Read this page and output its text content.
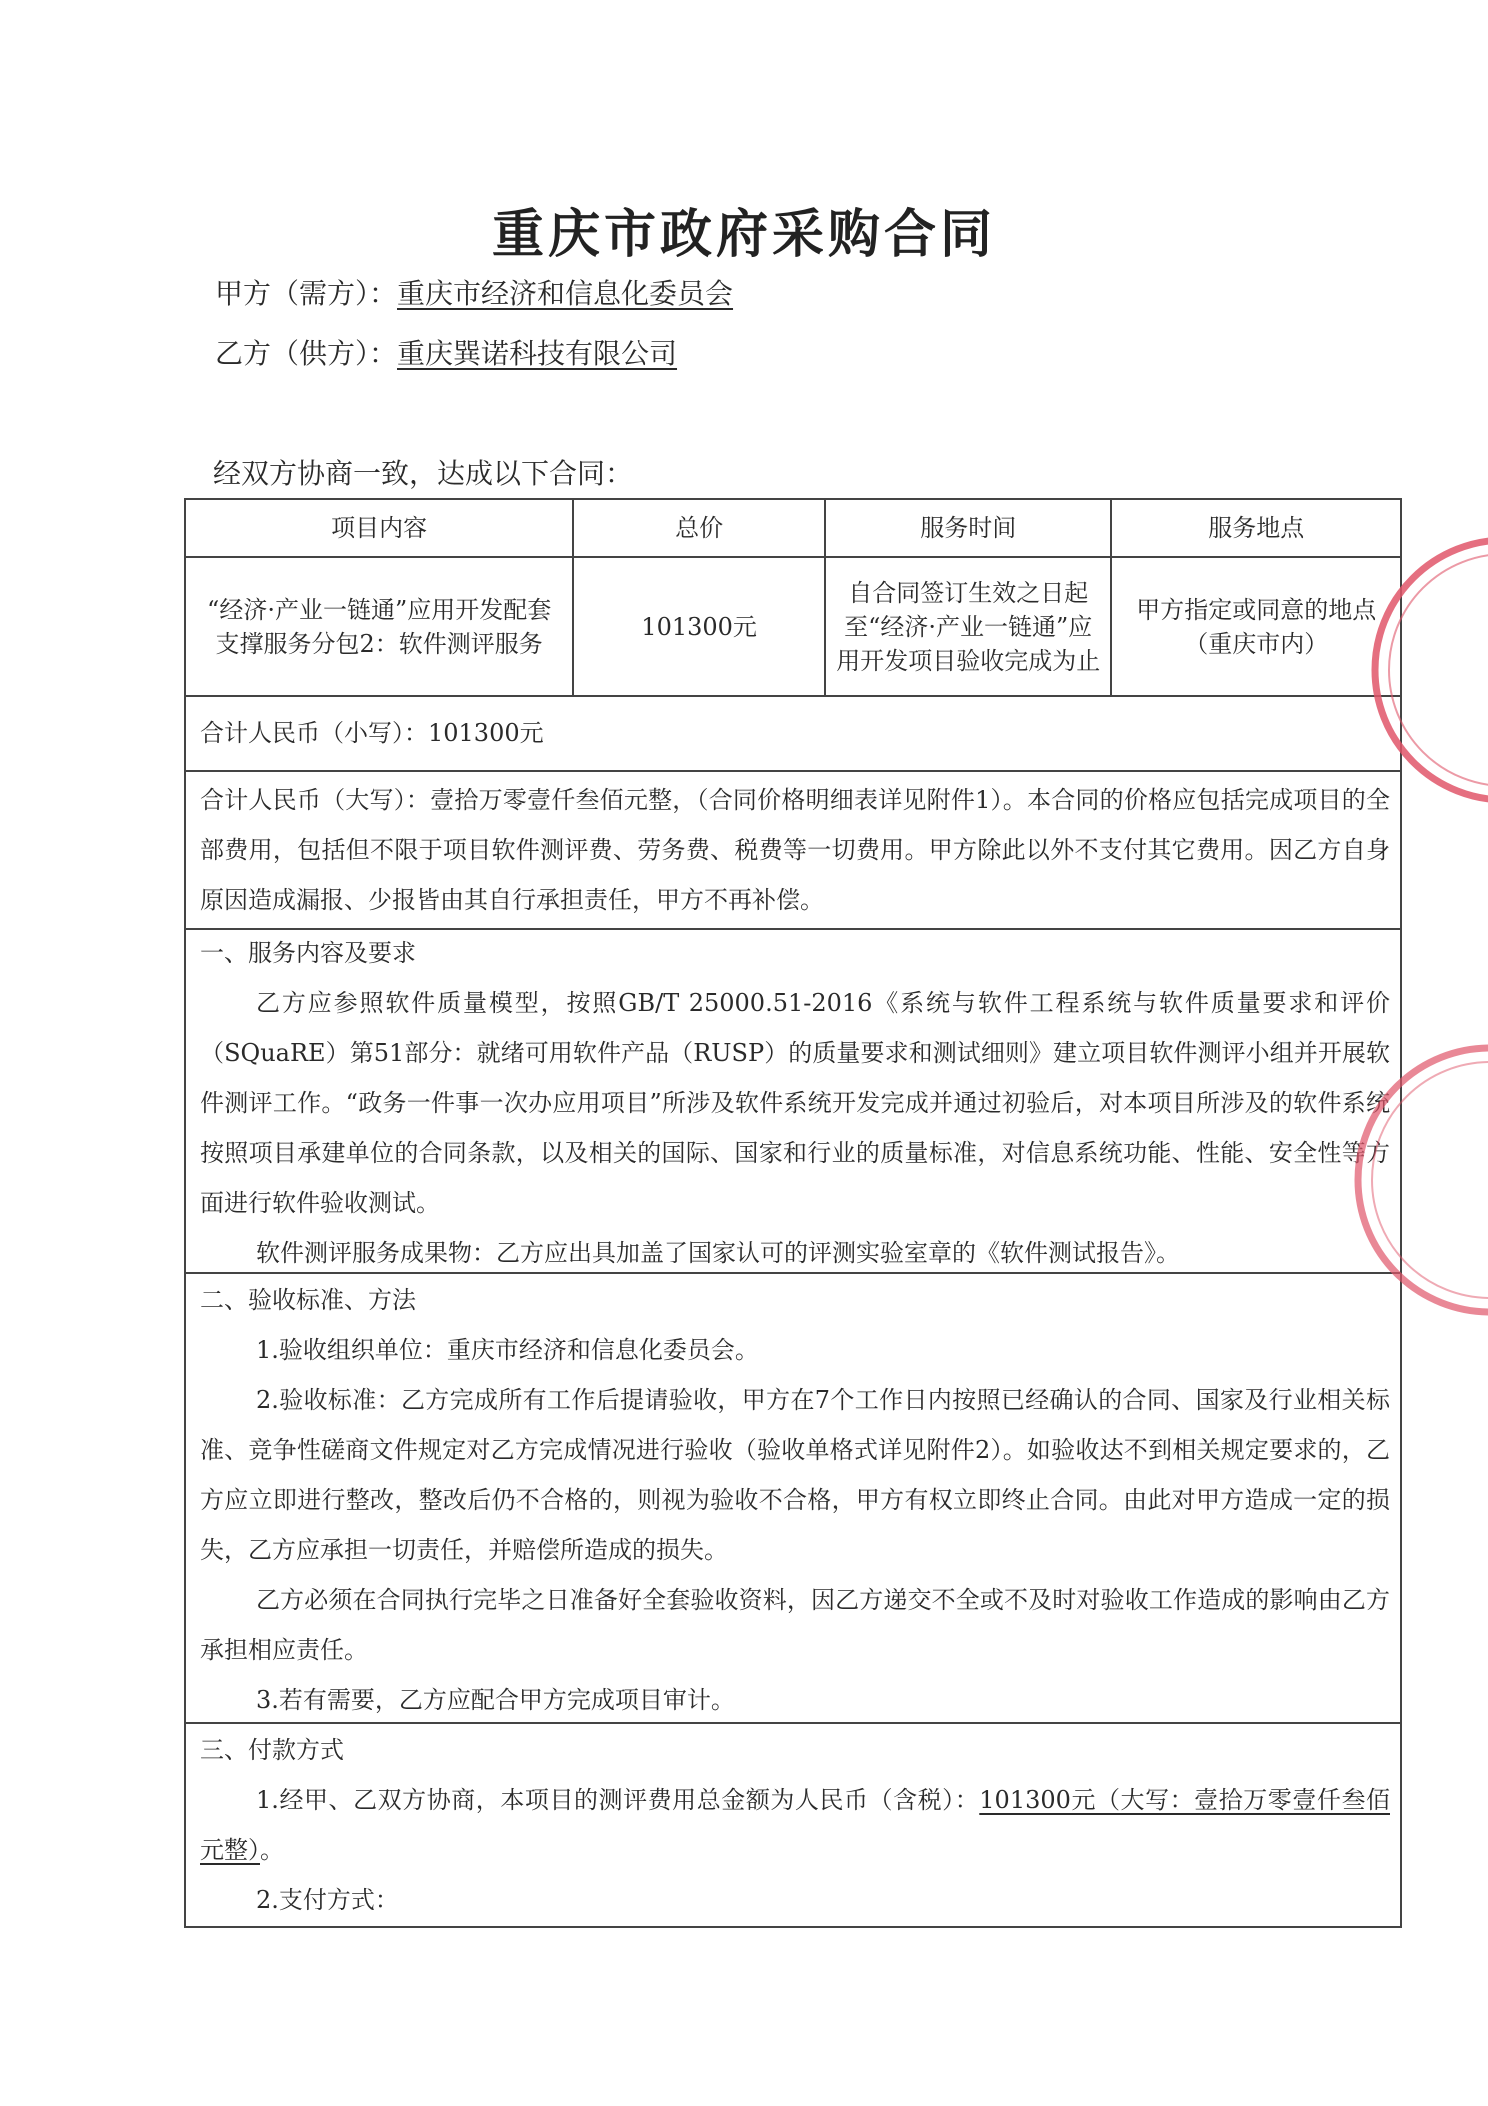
重庆市政府采购合同
甲方（需方）：重庆市经济和信息化委员会
乙方（供方）：重庆巽诺科技有限公司
经双方协商一致，达成以下合同：
项目内容	总价	服务时间	服务地点
“经济·产业一链通”应用开发配套支撑服务分包2：软件测评服务	101300元	自合同签订生效之日起至“经济·产业一链通”应用开发项目验收完成为止	甲方指定或同意的地点（重庆市内）
合计人民币（小写）：101300元
合计人民币（大写）：壹拾万零壹仟叁佰元整，（合同价格明细表详见附件1）。本合同的价格应包括完成项目的全部费用，包括但不限于项目软件测评费、劳务费、税费等一切费用。甲方除此以外不支付其它费用。因乙方自身原因造成漏报、少报皆由其自行承担责任，甲方不再补偿。
一、服务内容及要求
乙方应参照软件质量模型，按照GB/T 25000.51-2016《系统与软件工程系统与软件质量要求和评价（SQuaRE）第51部分：就绪可用软件产品（RUSP）的质量要求和测试细则》建立项目软件测评小组并开展软件测评工作。“政务一件事一次办应用项目”所涉及软件系统开发完成并通过初验后，对本项目所涉及的软件系统按照项目承建单位的合同条款，以及相关的国际、国家和行业的质量标准，对信息系统功能、性能、安全性等方面进行软件验收测试。
软件测评服务成果物：乙方应出具加盖了国家认可的评测实验室章的《软件测试报告》。
二、验收标准、方法
1.验收组织单位：重庆市经济和信息化委员会。
2.验收标准：乙方完成所有工作后提请验收，甲方在7个工作日内按照已经确认的合同、国家及行业相关标准、竞争性磋商文件规定对乙方完成情况进行验收（验收单格式详见附件2）。如验收达不到相关规定要求的，乙方应立即进行整改，整改后仍不合格的，则视为验收不合格，甲方有权立即终止合同。由此对甲方造成一定的损失，乙方应承担一切责任，并赔偿所造成的损失。
乙方必须在合同执行完毕之日准备好全套验收资料，因乙方递交不全或不及时对验收工作造成的影响由乙方承担相应责任。
3.若有需要，乙方应配合甲方完成项目审计。
三、付款方式
1.经甲、乙双方协商，本项目的测评费用总金额为人民币（含税）：101300元（大写：壹拾万零壹仟叁佰元整）。
2.支付方式：
